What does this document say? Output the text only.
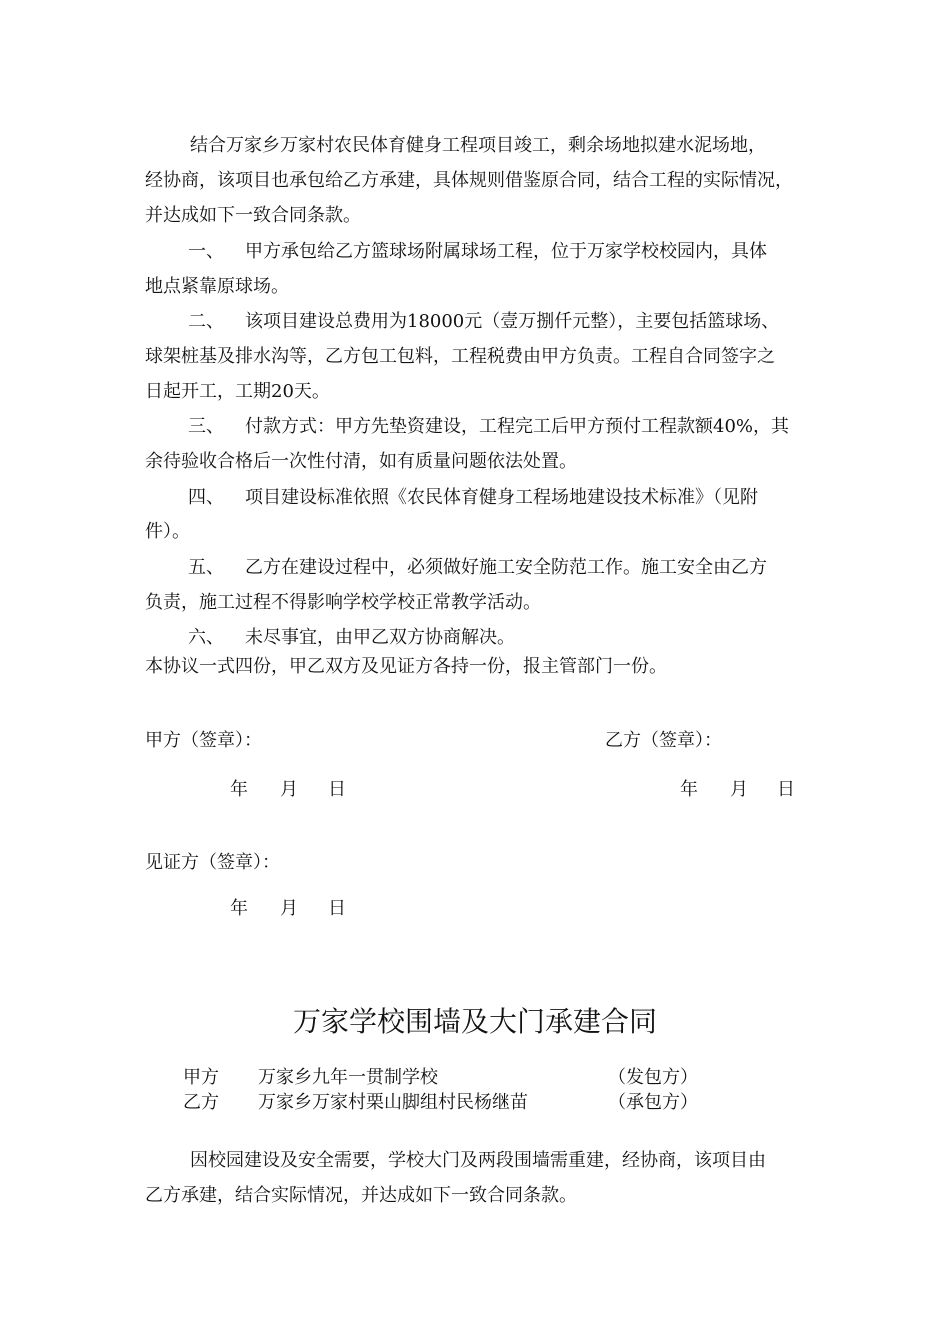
结合万家乡万家村农民体育健身工程项目竣工，剩余场地拟建水泥场地，
经协商，该项目也承包给乙方承建，具体规则借鉴原合同，结合工程的实际情况，
并达成如下一致合同条款。
一、 甲方承包给乙方篮球场附属球场工程，位于万家学校校园内，具体
地点紧靠原球场。
二、 该项目建设总费用为18000元（壹万捌仟元整），主要包括篮球场、
球架桩基及排水沟等，乙方包工包料，工程税费由甲方负责。工程自合同签字之
日起开工，工期20天。
三、 付款方式：甲方先垫资建设，工程完工后甲方预付工程款额40%，其
余待验收合格后一次性付清，如有质量问题依法处置。
四、 项目建设标准依照《农民体育健身工程场地建设技术标准》（见附
件）。
五、 乙方在建设过程中，必须做好施工安全防范工作。施工安全由乙方
负责，施工过程不得影响学校学校正常教学活动。
六、 未尽事宜，由甲乙双方协商解决。
本协议一式四份，甲乙双方及见证方各持一份，报主管部门一份。
甲方（签章）：	乙方（签章）：
年 月 日	年 月 日
见证方（签章）：
年 月 日
万家学校围墙及大门承建合同
甲方 万家乡九年一贯制学校	（发包方）
乙方 万家乡万家村栗山脚组村民杨继苗	（承包方）
因校园建设及安全需要，学校大门及两段围墙需重建，经协商，该项目由
乙方承建，结合实际情况，并达成如下一致合同条款。
